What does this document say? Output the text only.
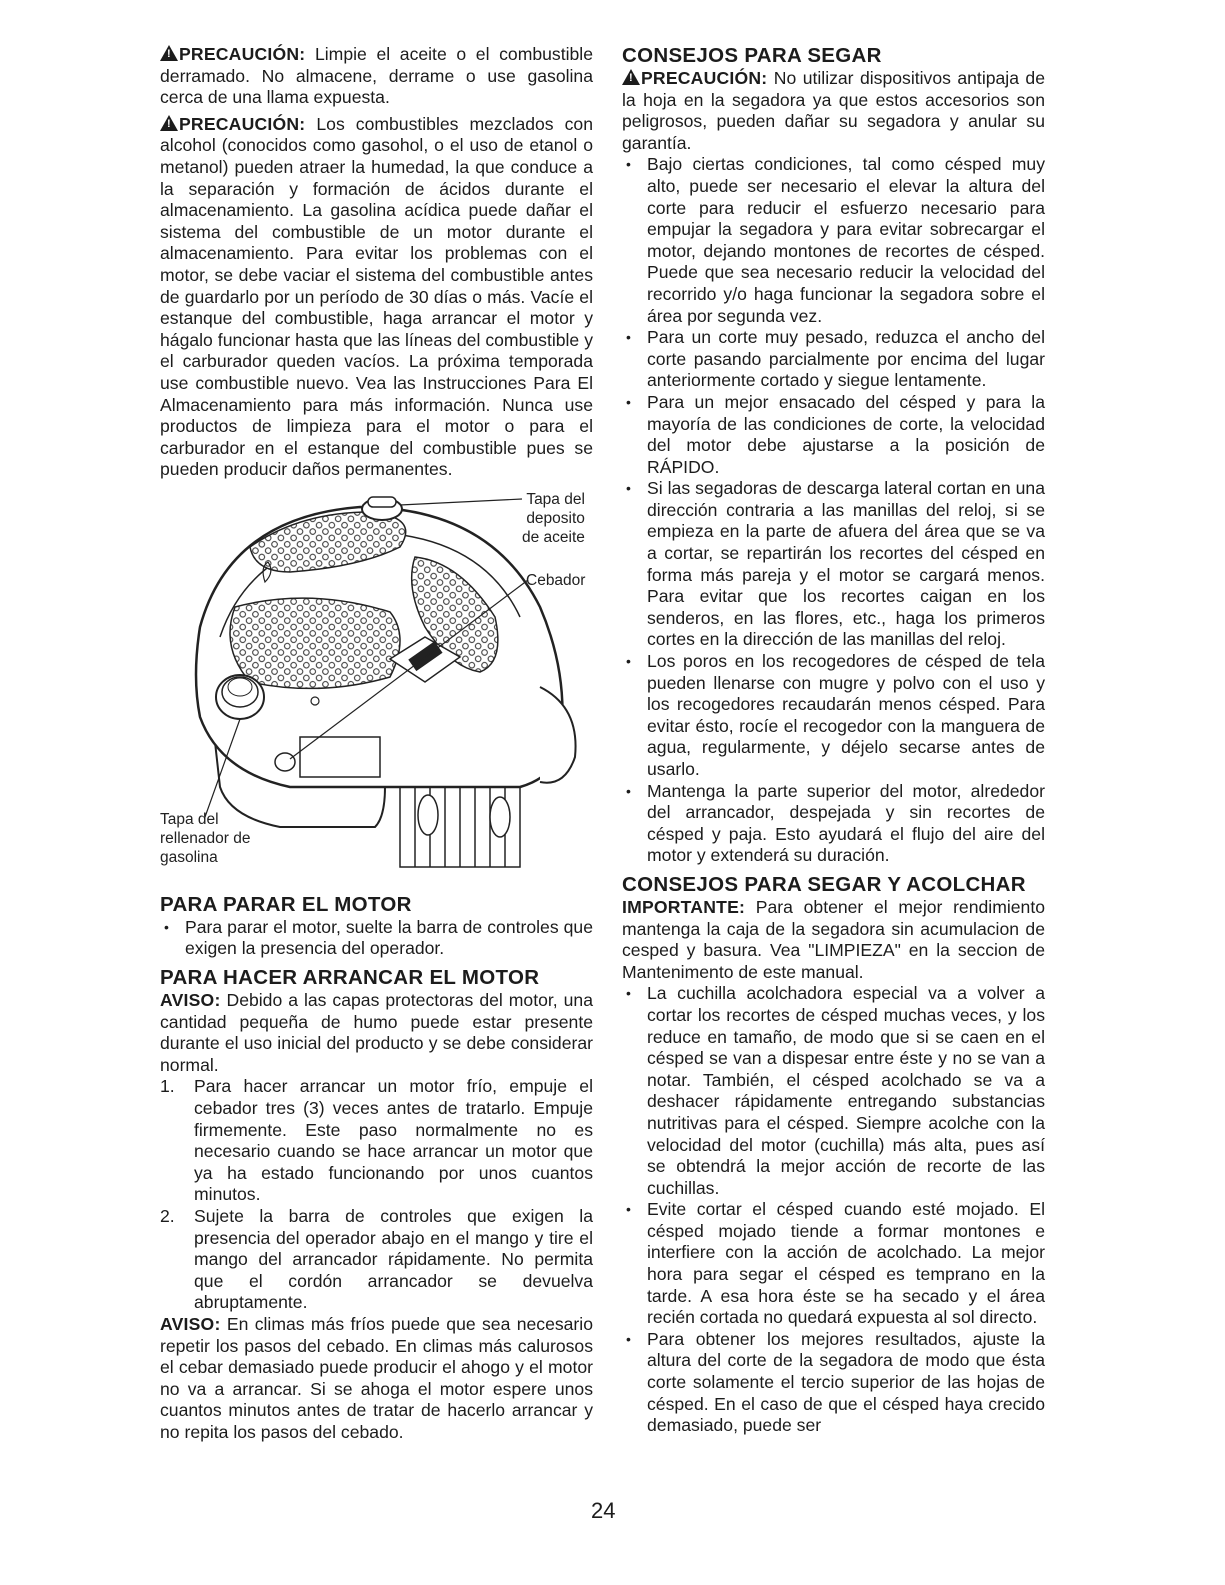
!PRECAUCIÓN: Limpie el aceite o el combustible derramado. No almacene, derrame o use gasolina cerca de una llama expuesta.

!PRECAUCIÓN: Los combustibles mezclados con alcohol (conocidos como gasohol, o el uso de etanol o metanol) pueden atraer la humedad, la que conduce a la separación y formación de ácidos durante el almacenamiento. La gasolina acídica puede dañar el sistema del combustible de un motor durante el almacenamiento. Para evitar los problemas con el motor, se debe vaciar el sistema del combustible antes de guardarlo por un período de 30 días o más. Vacíe el estanque del combustible, haga arrancar el motor y hágalo funcionar hasta que las líneas del combustible y el carburador queden vacíos. La próxima temporada use combustible nuevo. Vea las Instrucciones Para El Almacenamiento para más información. Nunca use productos de limpieza para el motor o para el carburador en el estanque del combustible pues se pueden producir daños permanentes.

Tapa del
deposito
de aceite
Cebador
Tapa del
rellenador de
gasolina
PARA PARAR EL MOTOR
• Para parar el motor, suelte la barra de controles que exigen la presencia del operador.
PARA HACER ARRANCAR EL MOTOR

AVISO: Debido a las capas protectoras del motor, una cantidad pequeña de humo puede estar presente durante el uso inicial del producto y se debe considerar normal.

1. Para hacer arrancar un motor frío, empuje el cebador tres (3) veces antes de tratarlo. Empuje firmemente. Este paso normalmente no es necesario cuando se hace arrancar un motor que ya ha estado funcionando por unos cuantos minutos.
2. Sujete la barra de controles que exigen la presencia del operador abajo en el mango y tire el mango del arrancador rápidamente. No permita que el cordón arrancador se devuelva abruptamente.

AVISO: En climas más fríos puede que sea necesario repetir los pasos del cebado. En climas más calurosos el cebar demasiado puede producir el ahogo y el motor no va a arrancar. Si se ahoga el motor espere unos cuantos minutos antes de tratar de hacerlo arrancar y no repita los pasos del cebado.

CONSEJOS PARA SEGAR

!PRECAUCIÓN: No utilizar dispositivos antipaja de la hoja en la segadora ya que estos accesorios son peligrosos, pueden dañar su segadora y anular su garantía.

• Bajo ciertas condiciones, tal como césped muy alto, puede ser necesario el elevar la altura del corte para reducir el esfuerzo necesario para empujar la segadora y para evitar sobrecargar el motor, dejando montones de recortes de césped. Puede que sea necesario reducir la velocidad del recorrido y/o haga funcionar la segadora sobre el área por segunda vez.
• Para un corte muy pesado, reduzca el ancho del corte pasando parcialmente por encima del lugar anteriormente cortado y siegue lentamente.
• Para un mejor ensacado del césped y para la mayoría de las condiciones de corte, la velocidad del motor debe ajustarse a la posición de RÁPIDO.
• Si las segadoras de descarga lateral cortan en una dirección contraria a las manillas del reloj, si se empieza en la parte de afuera del área que se va a cortar, se repartirán los recortes del césped en forma más pareja y el motor se cargará menos. Para evitar que los recortes caigan en los senderos, en las flores, etc., haga los primeros cortes en la dirección de las manillas del reloj.
• Los poros en los recogedores de césped de tela pueden llenarse con mugre y polvo con el uso y los recogedores recaudarán menos césped. Para evitar ésto, rocíe el recogedor con la manguera de agua, regularmente, y déjelo secarse antes de usarlo.
• Mantenga la parte superior del motor, alrededor del arrancador, despejada y sin recortes de césped y paja. Esto ayudará el flujo del aire del motor y extenderá su duración.
CONSEJOS PARA SEGAR Y ACOLCHAR

IMPORTANTE: Para obtener el mejor rendimiento mantenga la caja de la segadora sin acumulacion de cesped y basura. Vea "LIMPIEZA" en la seccion de Mantenimento de este manual.

• La cuchilla acolchadora especial va a volver a cortar los recortes de césped muchas veces, y los reduce en tamaño, de modo que si se caen en el césped se van a dispesar entre éste y no se van a notar. También, el césped acolchado se va a deshacer rápidamente entregando substancias nutritivas para el césped. Siempre acolche con la velocidad del motor (cuchilla) más alta, pues así se obtendrá la mejor acción de recorte de las cuchillas.
• Evite cortar el césped cuando esté mojado. El césped mojado tiende a formar montones e interfiere con la acción de acolchado. La mejor hora para segar el césped es temprano en la tarde. A esa hora éste se ha secado y el área recién cortada no quedará expuesta al sol directo.
• Para obtener los mejores resultados, ajuste la altura del corte de la segadora de modo que ésta corte solamente el tercio superior de las hojas de césped. En el caso de que el césped haya crecido demasiado, puede ser
24
